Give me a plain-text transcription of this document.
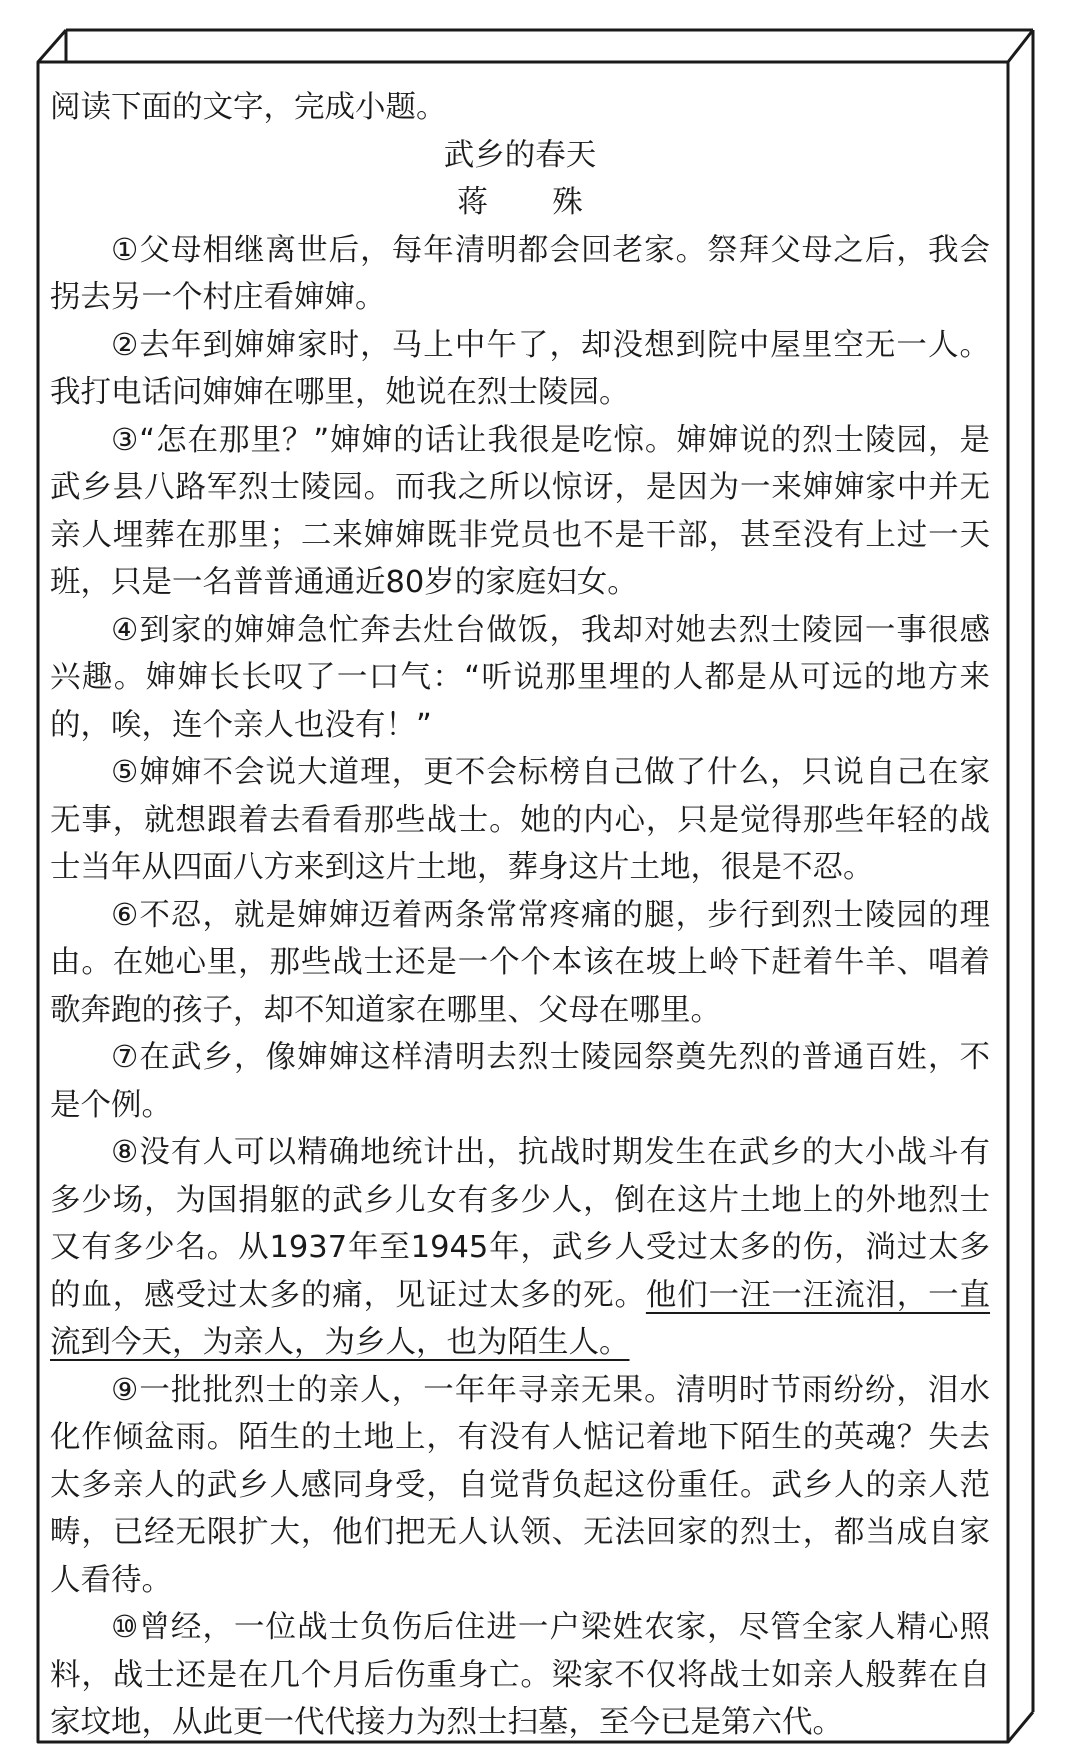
阅读下面的文字，完成小题。

武乡的春天

蒋 殊

①父母相继离世后，每年清明都会回老家。祭拜父母之后，我会拐去另一个村庄看婶婶。

②去年到婶婶家时，马上中午了，却没想到院中屋里空无一人。我打电话问婶婶在哪里，她说在烈士陵园。

③“怎在那里？”婶婶的话让我很是吃惊。婶婶说的烈士陵园，是武乡县八路军烈士陵园。而我之所以惊讶，是因为一来婶婶家中并无亲人埋葬在那里；二来婶婶既非党员也不是干部，甚至没有上过一天班，只是一名普普通通近80岁的家庭妇女。

④到家的婶婶急忙奔去灶台做饭，我却对她去烈士陵园一事很感兴趣。婶婶长长叹了一口气：“听说那里埋的人都是从可远的地方来的，唉，连个亲人也没有！”

⑤婶婶不会说大道理，更不会标榜自己做了什么，只说自己在家无事，就想跟着去看看那些战士。她的内心，只是觉得那些年轻的战士当年从四面八方来到这片土地，葬身这片土地，很是不忍。

⑥不忍，就是婶婶迈着两条常常疼痛的腿，步行到烈士陵园的理由。在她心里，那些战士还是一个个本该在坡上岭下赶着牛羊、唱着歌奔跑的孩子，却不知道家在哪里、父母在哪里。

⑦在武乡，像婶婶这样清明去烈士陵园祭奠先烈的普通百姓，不是个例。

⑧没有人可以精确地统计出，抗战时期发生在武乡的大小战斗有多少场，为国捐躯的武乡儿女有多少人，倒在这片土地上的外地烈士又有多少名。从1937年至1945年，武乡人受过太多的伤，淌过太多的血，感受过太多的痛，见证过太多的死。他们一汪一汪流泪，一直流到今天，为亲人，为乡人，也为陌生人。

⑨一批批烈士的亲人，一年年寻亲无果。清明时节雨纷纷，泪水化作倾盆雨。陌生的土地上，有没有人惦记着地下陌生的英魂？失去太多亲人的武乡人感同身受，自觉背负起这份重任。武乡人的亲人范畴，已经无限扩大，他们把无人认领、无法回家的烈士，都当成自家人看待。

⑩曾经，一位战士负伤后住进一户梁姓农家，尽管全家人精心照料，战士还是在几个月后伤重身亡。梁家不仅将战士如亲人般葬在自家坟地，从此更一代代接力为烈士扫墓，至今已是第六代。
